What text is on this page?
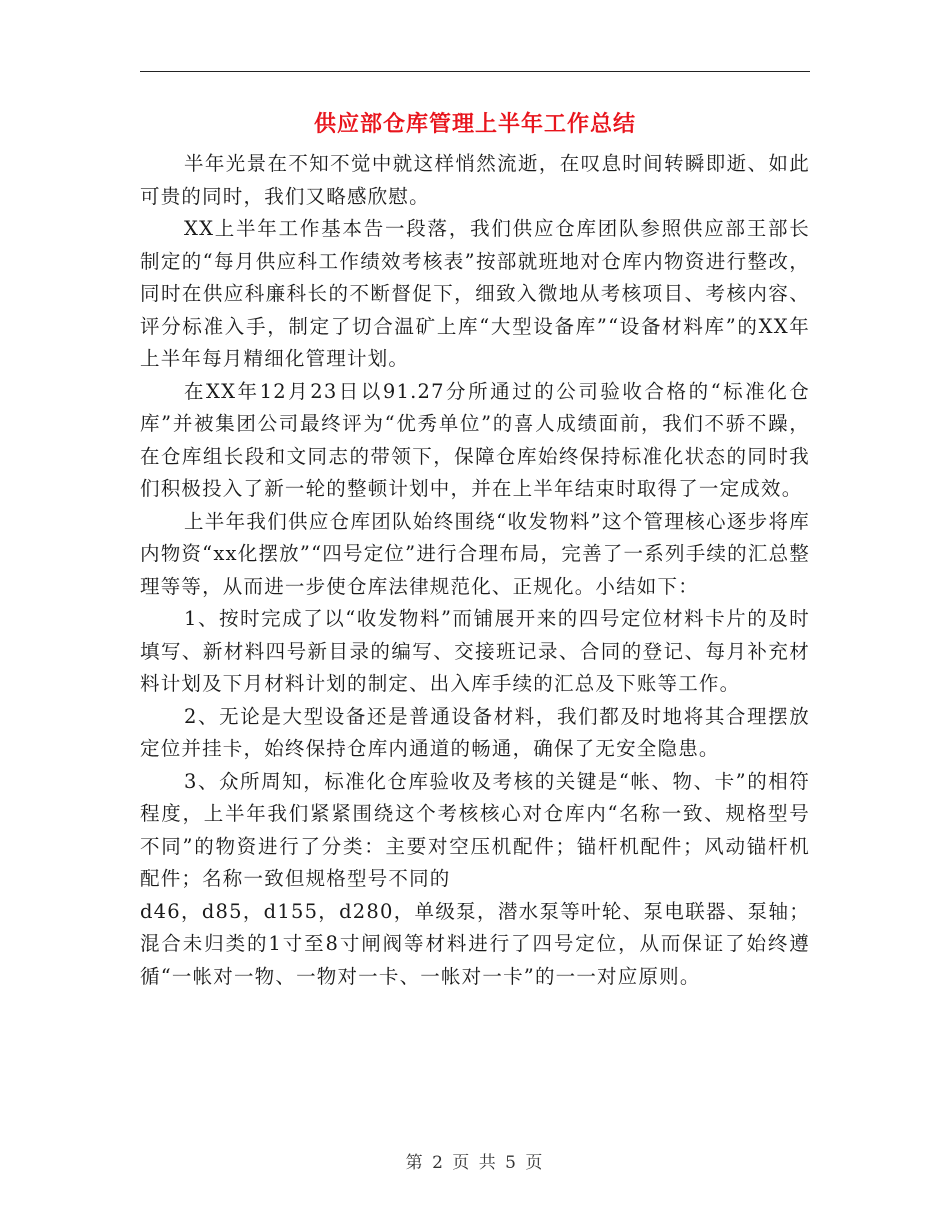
供应部仓库管理上半年工作总结

半年光景在不知不觉中就这样悄然流逝，在叹息时间转瞬即逝、如此可贵的同时，我们又略感欣慰。

XX上半年工作基本告一段落，我们供应仓库团队参照供应部王部长制定的“每月供应科工作绩效考核表”按部就班地对仓库内物资进行整改，同时在供应科廉科长的不断督促下，细致入微地从考核项目、考核内容、评分标准入手，制定了切合温矿上库“大型设备库”“设备材料库”的XX年上半年每月精细化管理计划。

在XX年12月23日以91.27分所通过的公司验收合格的“标准化仓库”并被集团公司最终评为“优秀单位”的喜人成绩面前，我们不骄不躁，在仓库组长段和文同志的带领下，保障仓库始终保持标准化状态的同时我们积极投入了新一轮的整顿计划中，并在上半年结束时取得了一定成效。

上半年我们供应仓库团队始终围绕“收发物料”这个管理核心逐步将库内物资“xx化摆放”“四号定位”进行合理布局，完善了一系列手续的汇总整理等等，从而进一步使仓库法律规范化、正规化。小结如下：

1、按时完成了以“收发物料”而铺展开来的四号定位材料卡片的及时填写、新材料四号新目录的编写、交接班记录、合同的登记、每月补充材料计划及下月材料计划的制定、出入库手续的汇总及下账等工作。

2、无论是大型设备还是普通设备材料，我们都及时地将其合理摆放定位并挂卡，始终保持仓库内通道的畅通，确保了无安全隐患。

3、众所周知，标准化仓库验收及考核的关键是“帐、物、卡”的相符程度，上半年我们紧紧围绕这个考核核心对仓库内“名称一致、规格型号不同”的物资进行了分类：主要对空压机配件；锚杆机配件；风动锚杆机配件；名称一致但规格型号不同的
d46，d85，d155，d280，单级泵，潜水泵等叶轮、泵电联器、泵轴；混合未归类的1寸至8寸闸阀等材料进行了四号定位，从而保证了始终遵循“一帐对一物、一物对一卡、一帐对一卡”的一一对应原则。

第 2 页 共 5 页
